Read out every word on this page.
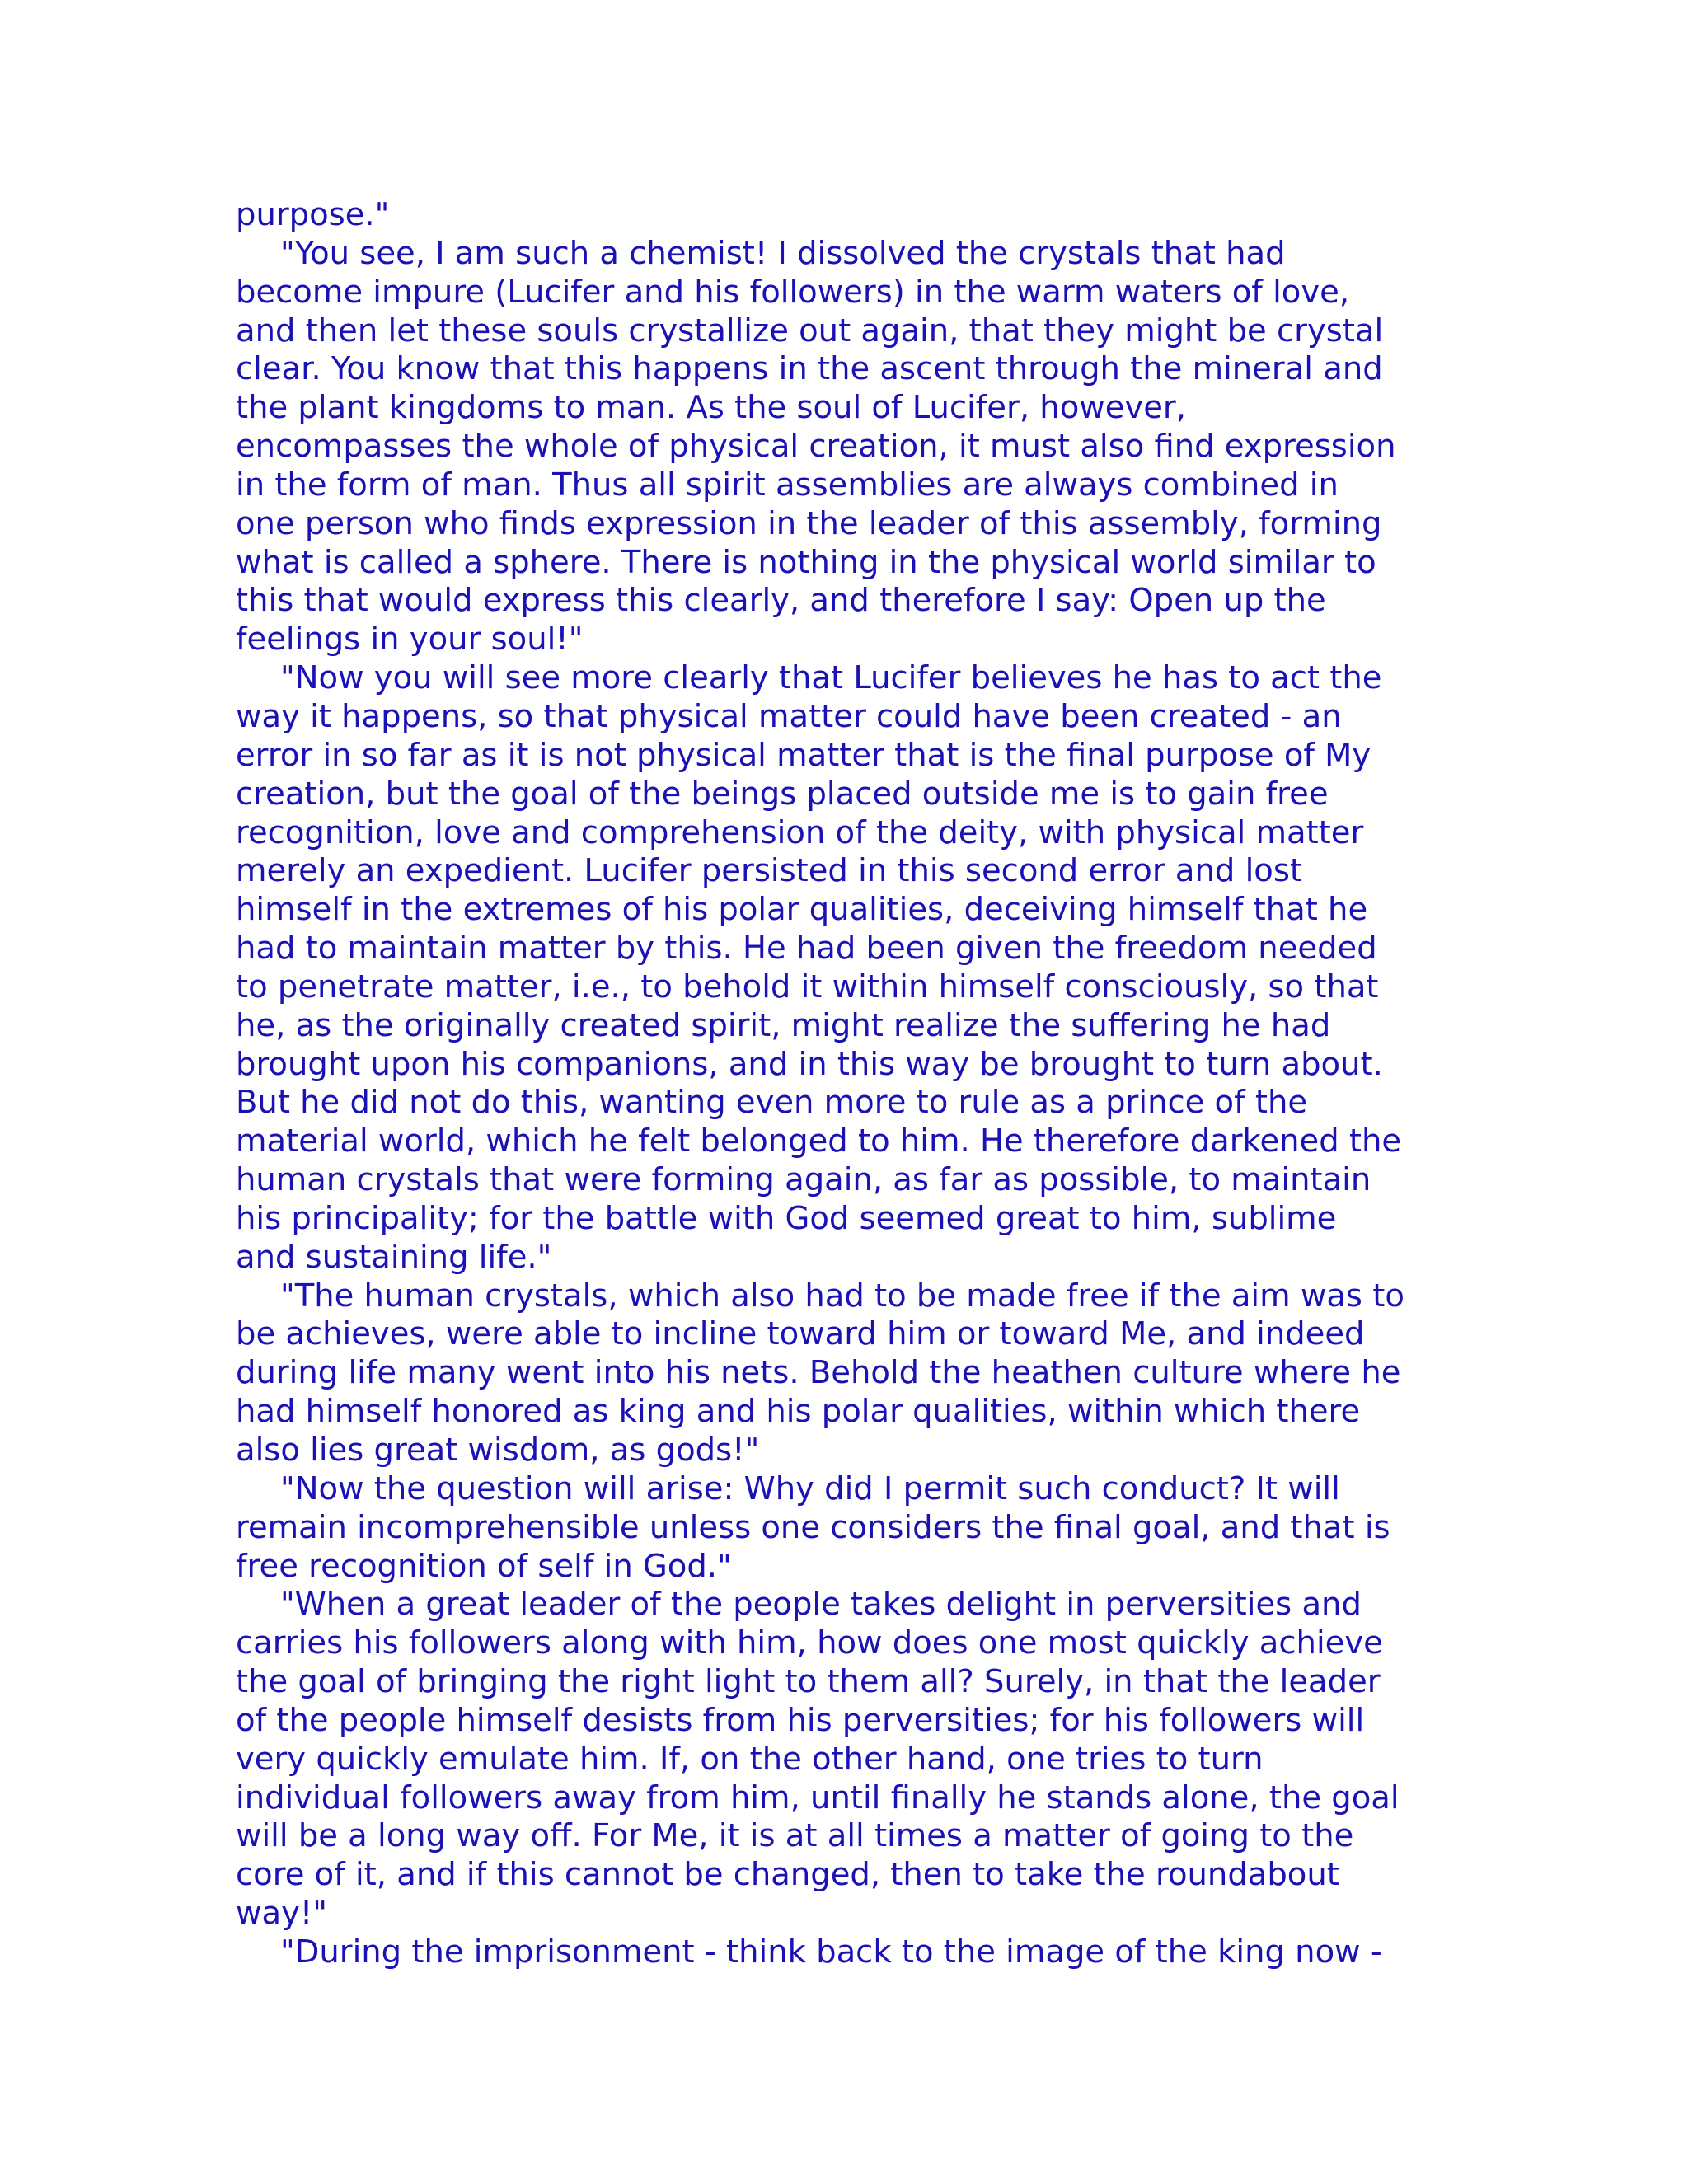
purpose."
"You see, I am such a chemist! I dissolved the crystals that had
become impure (Lucifer and his followers) in the warm waters of love,
and then let these souls crystallize out again, that they might be crystal
clear. You know that this happens in the ascent through the mineral and
the plant kingdoms to man. As the soul of Lucifer, however,
encompasses the whole of physical creation, it must also find expression
in the form of man. Thus all spirit assemblies are always combined in
one person who finds expression in the leader of this assembly, forming
what is called a sphere. There is nothing in the physical world similar to
this that would express this clearly, and therefore I say: Open up the
feelings in your soul!"
"Now you will see more clearly that Lucifer believes he has to act the
way it happens, so that physical matter could have been created - an
error in so far as it is not physical matter that is the final purpose of My
creation, but the goal of the beings placed outside me is to gain free
recognition, love and comprehension of the deity, with physical matter
merely an expedient. Lucifer persisted in this second error and lost
himself in the extremes of his polar qualities, deceiving himself that he
had to maintain matter by this. He had been given the freedom needed
to penetrate matter, i.e., to behold it within himself consciously, so that
he, as the originally created spirit, might realize the suffering he had
brought upon his companions, and in this way be brought to turn about.
But he did not do this, wanting even more to rule as a prince of the
material world, which he felt belonged to him. He therefore darkened the
human crystals that were forming again, as far as possible, to maintain
his principality; for the battle with God seemed great to him, sublime
and sustaining life."
"The human crystals, which also had to be made free if the aim was to
be achieves, were able to incline toward him or toward Me, and indeed
during life many went into his nets. Behold the heathen culture where he
had himself honored as king and his polar qualities, within which there
also lies great wisdom, as gods!"
"Now the question will arise: Why did I permit such conduct? It will
remain incomprehensible unless one considers the final goal, and that is
free recognition of self in God."
"When a great leader of the people takes delight in perversities and
carries his followers along with him, how does one most quickly achieve
the goal of bringing the right light to them all? Surely, in that the leader
of the people himself desists from his perversities; for his followers will
very quickly emulate him. If, on the other hand, one tries to turn
individual followers away from him, until finally he stands alone, the goal
will be a long way off. For Me, it is at all times a matter of going to the
core of it, and if this cannot be changed, then to take the roundabout
way!"
"During the imprisonment - think back to the image of the king now -
